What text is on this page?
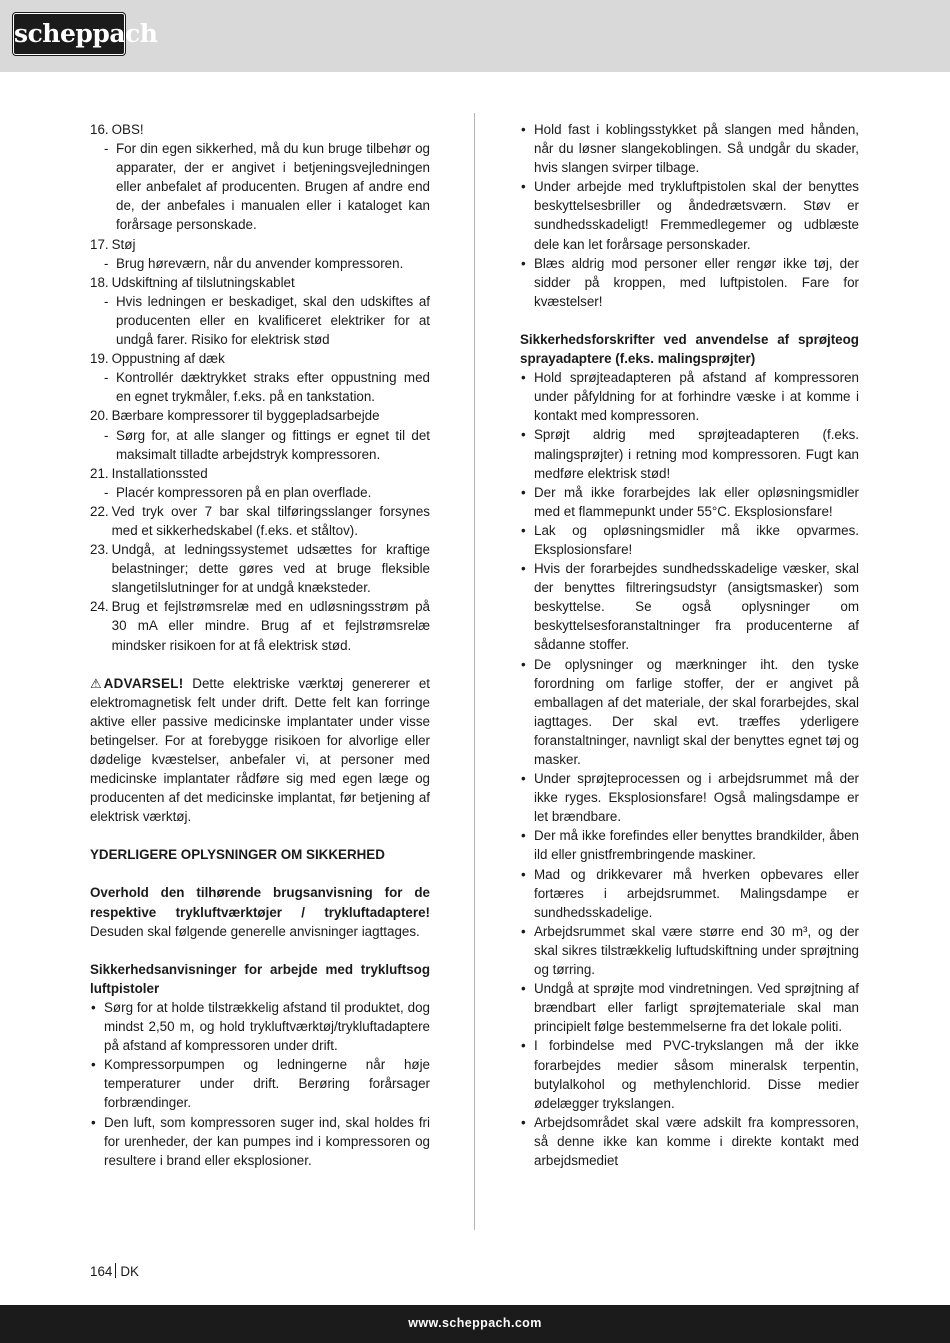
scheppach
16. OBS!
- For din egen sikkerhed, må du kun bruge tilbehør og apparater, der er angivet i betjeningsvejledningen eller anbefalet af producenten. Brugen af andre end de, der anbefales i manualen eller i kataloget kan forårsage personskade.
17. Støj
- Brug høreværn, når du anvender kompressoren.
18. Udskiftning af tilslutningskablet
- Hvis ledningen er beskadiget, skal den udskiftes af producenten eller en kvalificeret elektriker for at undgå farer. Risiko for elektrisk stød
19. Oppustning af dæk
- Kontrollér dæktrykket straks efter oppustning med en egnet trykmåler, f.eks. på en tankstation.
20. Bærbare kompressorer til byggepladsarbejde
- Sørg for, at alle slanger og fittings er egnet til det maksimalt tilladte arbejdstryk kompressoren.
21. Installationssted
- Placér kompressoren på en plan overflade.
22. Ved tryk over 7 bar skal tilføringsslanger forsynes med et sikkerhedskabel (f.eks. et ståltov).
23. Undgå, at ledningssystemet udsættes for kraftige belastninger; dette gøres ved at bruge fleksible slangetilslutninger for at undgå knæksteder.
24. Brug et fejlstrømsrelæ med en udløsningsstrøm på 30 mA eller mindre. Brug af et fejlstrømsrelæ mindsker risikoen for at få elektrisk stød.
⚠ ADVARSEL! Dette elektriske værktøj genererer et elektromagnetisk felt under drift. Dette felt kan forringe aktive eller passive medicinske implantater under visse betingelser. For at forebygge risikoen for alvorlige eller dødelige kvæstelser, anbefaler vi, at personer med medicinske implantater rådføre sig med egen læge og producenten af det medicinske implantat, før betjening af elektrisk værktøj.
YDERLIGERE OPLYSNINGER OM SIKKERHED
Overhold den tilhørende brugsanvisning for de respektive trykluftværktøjer / trykluftadaptere! Desuden skal følgende generelle anvisninger iagttages.
Sikkerhedsanvisninger for arbejde med trykluftsog luftpistoler
• Sørg for at holde tilstrækkelig afstand til produktet, dog mindst 2,50 m, og hold trykluftværktøj/trykluftadaptere på afstand af kompressoren under drift.
• Kompressorpumpen og ledningerne når høje temperaturer under drift. Berøring forårsager forbrændinger.
• Den luft, som kompressoren suger ind, skal holdes fri for urenheder, der kan pumpes ind i kompressoren og resultere i brand eller eksplosioner.
• Hold fast i koblingsstykket på slangen med hånden, når du løsner slangekoblingen. Så undgår du skader, hvis slangen svirper tilbage.
• Under arbejde med trykluftpistolen skal der benyttes beskyttelsesbriller og åndedrætsværn. Støv er sundhedsskadeligt! Fremmedlegemer og udblæste dele kan let forårsage personskader.
• Blæs aldrig mod personer eller rengør ikke tøj, der sidder på kroppen, med luftpistolen. Fare for kvæstelser!
Sikkerhedsforskrifter ved anvendelse af sprøjteog sprayadaptere (f.eks. malingsprøjter)
• Hold sprøjteadapteren på afstand af kompressoren under påfyldning for at forhindre væske i at komme i kontakt med kompressoren.
• Sprøjt aldrig med sprøjteadapteren (f.eks. malingsprøjter) i retning mod kompressoren. Fugt kan medføre elektrisk stød!
• Der må ikke forarbejdes lak eller opløsningsmidler med et flammepunkt under 55°C. Eksplosionsfare!
• Lak og opløsningsmidler må ikke opvarmes. Eksplosionsfare!
• Hvis der forarbejdes sundhedsskadelige væsker, skal der benyttes filtreringsudstyr (ansigtsmasker) som beskyttelse. Se også oplysninger om beskyttelsesforanstaltninger fra producenterne af sådanne stoffer.
• De oplysninger og mærkninger iht. den tyske forordning om farlige stoffer, der er angivet på emballagen af det materiale, der skal forarbejdes, skal iagttages. Der skal evt. træffes yderligere foranstaltninger, navnligt skal der benyttes egnet tøj og masker.
• Under sprøjteprocessen og i arbejdsrummet må der ikke ryges. Eksplosionsfare! Også malingsdampe er let brændbare.
• Der må ikke forefindes eller benyttes brandkilder, åben ild eller gnistfrembringende maskiner.
• Mad og drikkevarer må hverken opbevares eller fortæres i arbejdsrummet. Malingsdampe er sundhedsskadelige.
• Arbejdsrummet skal være større end 30 m³, og der skal sikres tilstrækkelig luftudskiftning under sprøjtning og tørring.
• Undgå at sprøjte mod vindretningen. Ved sprøjtning af brændbart eller farligt sprøjtemateriale skal man principielt følge bestemmelserne fra det lokale politi.
• I forbindelse med PVC-trykslangen må der ikke forarbejdes medier såsom mineralsk terpentin, butylalkohol og methylenchlorid. Disse medier ødelægger trykslangen.
• Arbejdsområdet skal være adskilt fra kompressoren, så denne ikke kan komme i direkte kontakt med arbejdsmediet
164 DK
www.scheppach.com
